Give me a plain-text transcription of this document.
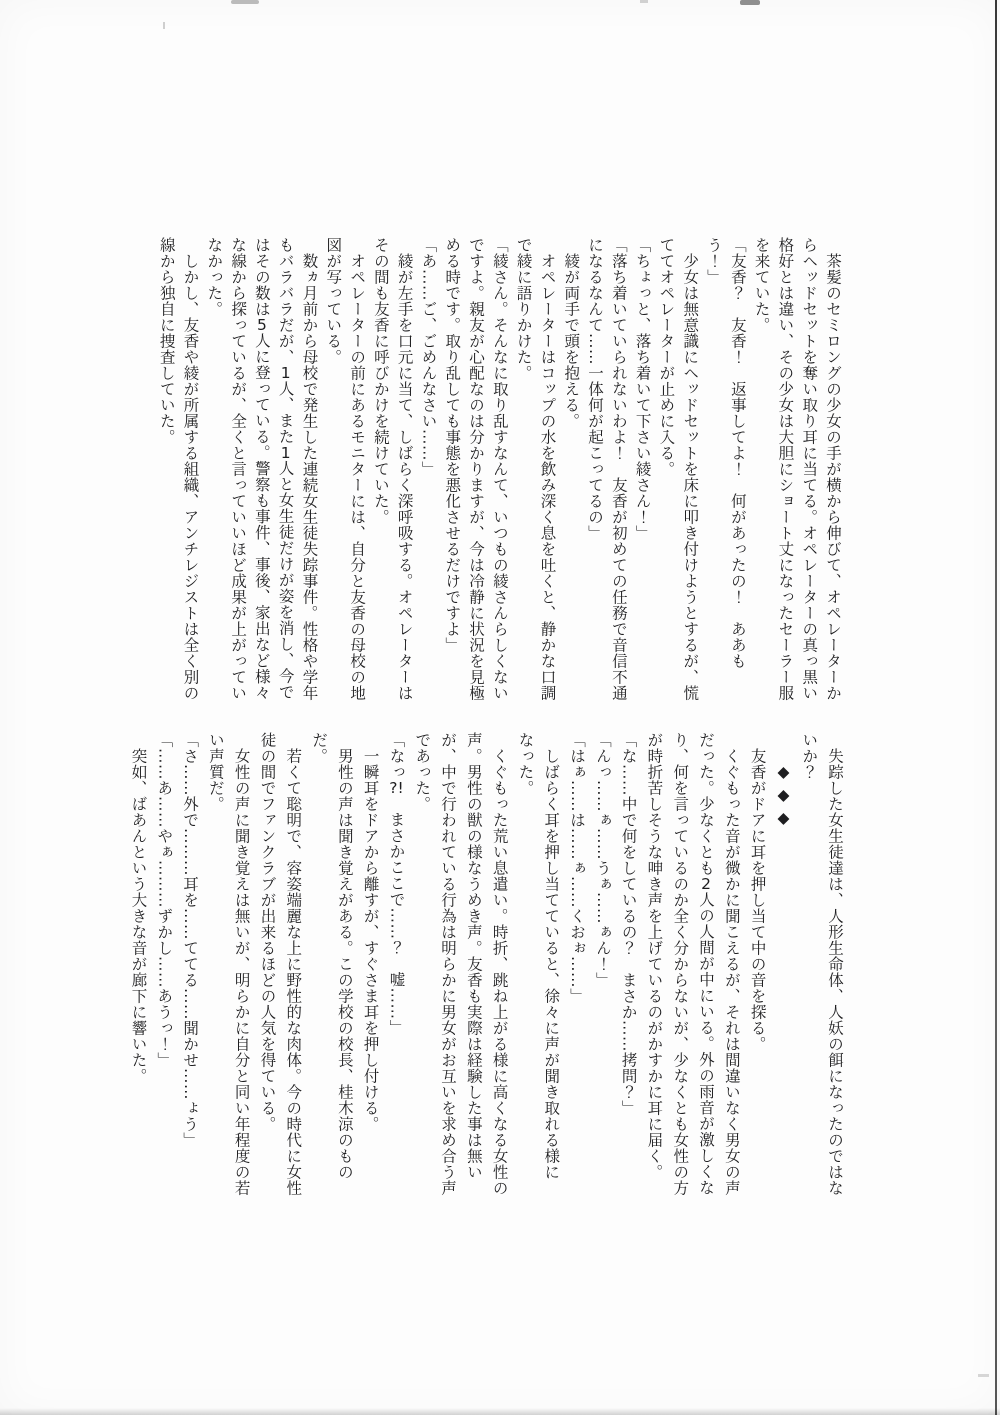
茶髪のセミロングの少女の手が横から伸びて、オペレーターからヘッドセットを奪い取り耳に当てる。オペレーターの真っ黒い格好とは違い、その少女は大胆にショート丈になったセーラー服を来ていた。

「友香？　友香！　返事してよ！　何があったの！　ああもう！」

少女は無意識にヘッドセットを床に叩き付けようとするが、慌ててオペレーターが止めに入る。

「ちょっと、落ち着いて下さい綾さん！」

「落ち着いていられないわよ！　友香が初めての任務で音信不通になるなんて……一体何が起こってるの」

綾が両手で頭を抱える。

オペレーターはコップの水を飲み深く息を吐くと、静かな口調で綾に語りかけた。

「綾さん。そんなに取り乱すなんて、いつもの綾さんらしくないですよ。親友が心配なのは分かりますが、今は冷静に状況を見極める時です。取り乱しても事態を悪化させるだけですよ」

「あ……ご、ごめんなさい……」

綾が左手を口元に当て、しばらく深呼吸する。オペレーターはその間も友香に呼びかけを続けていた。

オペレーターの前にあるモニターには、自分と友香の母校の地図が写っている。

数ヵ月前から母校で発生した連続女生徒失踪事件。性格や学年もバラバラだが、1人、また1人と女生徒だけが姿を消し、今ではその数は5人に登っている。警察も事件、事後、家出など様々な線から探っているが、全くと言っていいほど成果が上がっていなかった。

しかし、友香や綾が所属する組織、アンチレジストは全く別の線から独自に捜査していた。

失踪した女生徒達は、人形生命体、人妖の餌になったのではないか？

◆◆◆

友香がドアに耳を押し当て中の音を探る。

くぐもった音が微かに聞こえるが、それは間違いなく男女の声だった。少なくとも2人の人間が中にいる。外の雨音が激しくなり、何を言っているのか全く分からないが、少なくとも女性の方が時折苦しそうな呻き声を上げているのがかすかに耳に届く。

「な……中で何をしているの？　まさか……拷問？」

「んっ……ぁ……うぁ……ぁん！」

「はぁ……は……ぁ……くおぉ……」

しばらく耳を押し当てていると、徐々に声が聞き取れる様になった。

くぐもった荒い息遣い。時折、跳ね上がる様に高くなる女性の声。男性の獣の様なうめき声。友香も実際は経験した事は無いが、中で行われている行為は明らかに男女がお互いを求め合う声であった。

「なっ?!　まさかここで……？　嘘……」

一瞬耳をドアから離すが、すぐさま耳を押し付ける。

男性の声は聞き覚えがある。この学校の校長、桂木涼のものだ。

若くて聡明で、容姿端麗な上に野性的な肉体。今の時代に女性徒の間でファンクラブが出来るほどの人気を得ている。

女性の声に聞き覚えは無いが、明らかに自分と同い年程度の若い声質だ。

「さ……外で………耳を……ててる……聞かせ……ょう」

「……あ……やぁ………ずかし……あうっ！」

突如、ばあんという大きな音が廊下に響いた。
